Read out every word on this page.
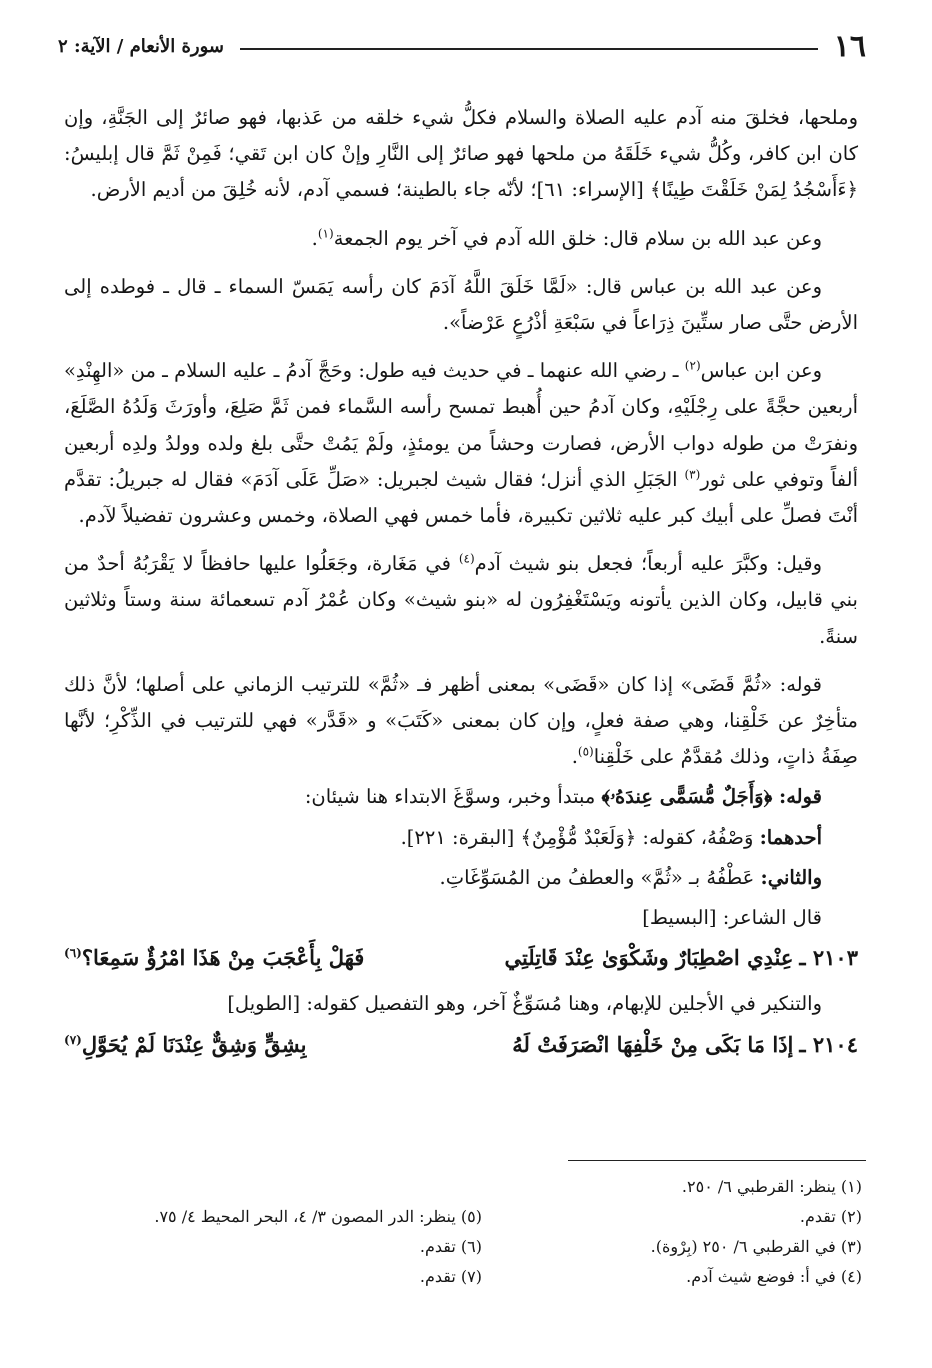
١٦
سورة الأنعام / الآية: ٢

وملحها، فخلقَ منه آدم عليه الصلاة والسلام فكلُّ شيء خلقه من عَذبها، فهو صائرٌ إلى الجَنَّةِ، وإن كان ابن كافر، وكُلُّ شيء خَلَقَهُ من ملحها فهو صائرٌ إلى النَّارِ وإنْ كان ابن تَقي؛ فَمِنْ ثَمَّ قال إبليسُ: ﴿ءَأَسْجُدُ لِمَنْ خَلَقْتَ طِينًا﴾ [الإسراء: ٦١]؛ لأنّه جاء بالطينة؛ فسمي آدم، لأنه خُلِقَ من أديم الأرض.

وعن عبد الله بن سلام قال: خلق الله آدم في آخر يوم الجمعة$^{(١)}$.

وعن عبد الله بن عباس قال: «لَمَّا خَلَقَ اللَّهُ آدَمَ كان رأسه يَمَسّ السماء ـ قال ـ فوطده إلى الأرض حتَّى صار ستِّينَ ذِرَاعاً في سَبْعَةِ أذْرُعٍ عَرْضاً».

وعن ابن عباس$^{(٢)}$ ـ رضي الله عنهما ـ في حديث فيه طول: وحَجَّ آدمُ ـ عليه السلام ـ من «الهِنْدِ» أربعين حجَّةً على رِجْلَيْهِ، وكان آدمُ حين أُهبط تمسح رأسه السَّماء فمن ثَمَّ صَلِعَ، وأورَثَ وَلَدُهُ الصَّلَعَ، ونفرَتْ من طوله دواب الأرض، فصارت وحشاً من يومئذٍ، ولَمْ يَمُتْ حتَّى بلغ ولده وولدُ ولدِه أربعين ألفاً وتوفي على ثور$^{(٣)}$ الجَبَلِ الذي أنزل؛ فقال شيث لجبريل: «صَلِّ عَلَى آدَمَ» فقال له جبريلُ: تقدَّم أنْتَ فصلِّ على أبيك كبر عليه ثلاثين تكبيرة، فأما خمس فهي الصلاة، وخمس وعشرون تفضيلاً لآدم.

وقيل: وكبَّرَ عليه أربعاً؛ فجعل بنو شيث آدم$^{(٤)}$ في مَغَارة، وجَعَلُوا عليها حافظاً لا يَقْرَبُهُ أحدٌ من بني قابيل، وكان الذين يأتونه ويَسْتَغْفِرُون له «بنو شيث» وكان عُمْرُ آدم تسعمائة سنة وستاً وثلاثين سنةً.

قوله: «ثُمَّ قَضَى» إذا كان «قَضَى» بمعنى أظهر فـ «ثُمَّ» للترتيب الزماني على أصلها؛ لأنَّ ذلك متأخِرٌ عن خَلْقِنا، وهي صفة فعلٍ، وإن كان بمعنى «كَتَبَ» و «قَدَّر» فهي للترتيب في الذِّكْرِ؛ لأنَّها صِفَةُ ذاتٍ، وذلك مُقدَّمٌ على خَلْقِنا$^{(٥)}$.

قوله: ﴿وَأَجَلٌ مُّسَمًّى عِندَهُۥ﴾ مبتدأ وخبر، وسوَّغَ الابتداء هنا شيئان:

أحدهما: وَصْفُهُ، كقوله: ﴿وَلَعَبْدٌ مُّؤْمِنٌ﴾ [البقرة: ٢٢١].

والثاني: عَطْفُهُ بـ «ثُمَّ» والعطفُ من المُسَوِّغَاتِ.

قال الشاعر: [البسيط]

٢١٠٣ ـ
عِنْدِي اصْطِبَارٌ وشَكْوَىٰ عِنْدَ قَاتِلَتِي
فَهَلْ بِأَعْجَبَ مِنْ هَذَا امْرُؤٌ سَمِعَا؟$^{(٦)}$

والتنكير في الأجلين للإبهام، وهنا مُسَوِّغٌ آخر، وهو التفصيل كقوله: [الطويل]

٢١٠٤ ـ
إذَا مَا بَكَى مِنْ خَلْفِهَا انْصَرَفَتْ لَهُ
بِشِقٍّ وَشِقٌّ عِنْدَنَا لَمْ يُحَوَّلِ$^{(٧)}$
(١) ينظر: القرطبي ٦/ ٢٥٠.
(٢) تقدم.
(٥) ينظر: الدر المصون ٣/ ٤، البحر المحيط ٤/ ٧٥.
(٣) في القرطبي ٦/ ٢٥٠ (بِرْوة).
(٦) تقدم.
(٤) في أ: فوضع شيث آدم.
(٧) تقدم.
